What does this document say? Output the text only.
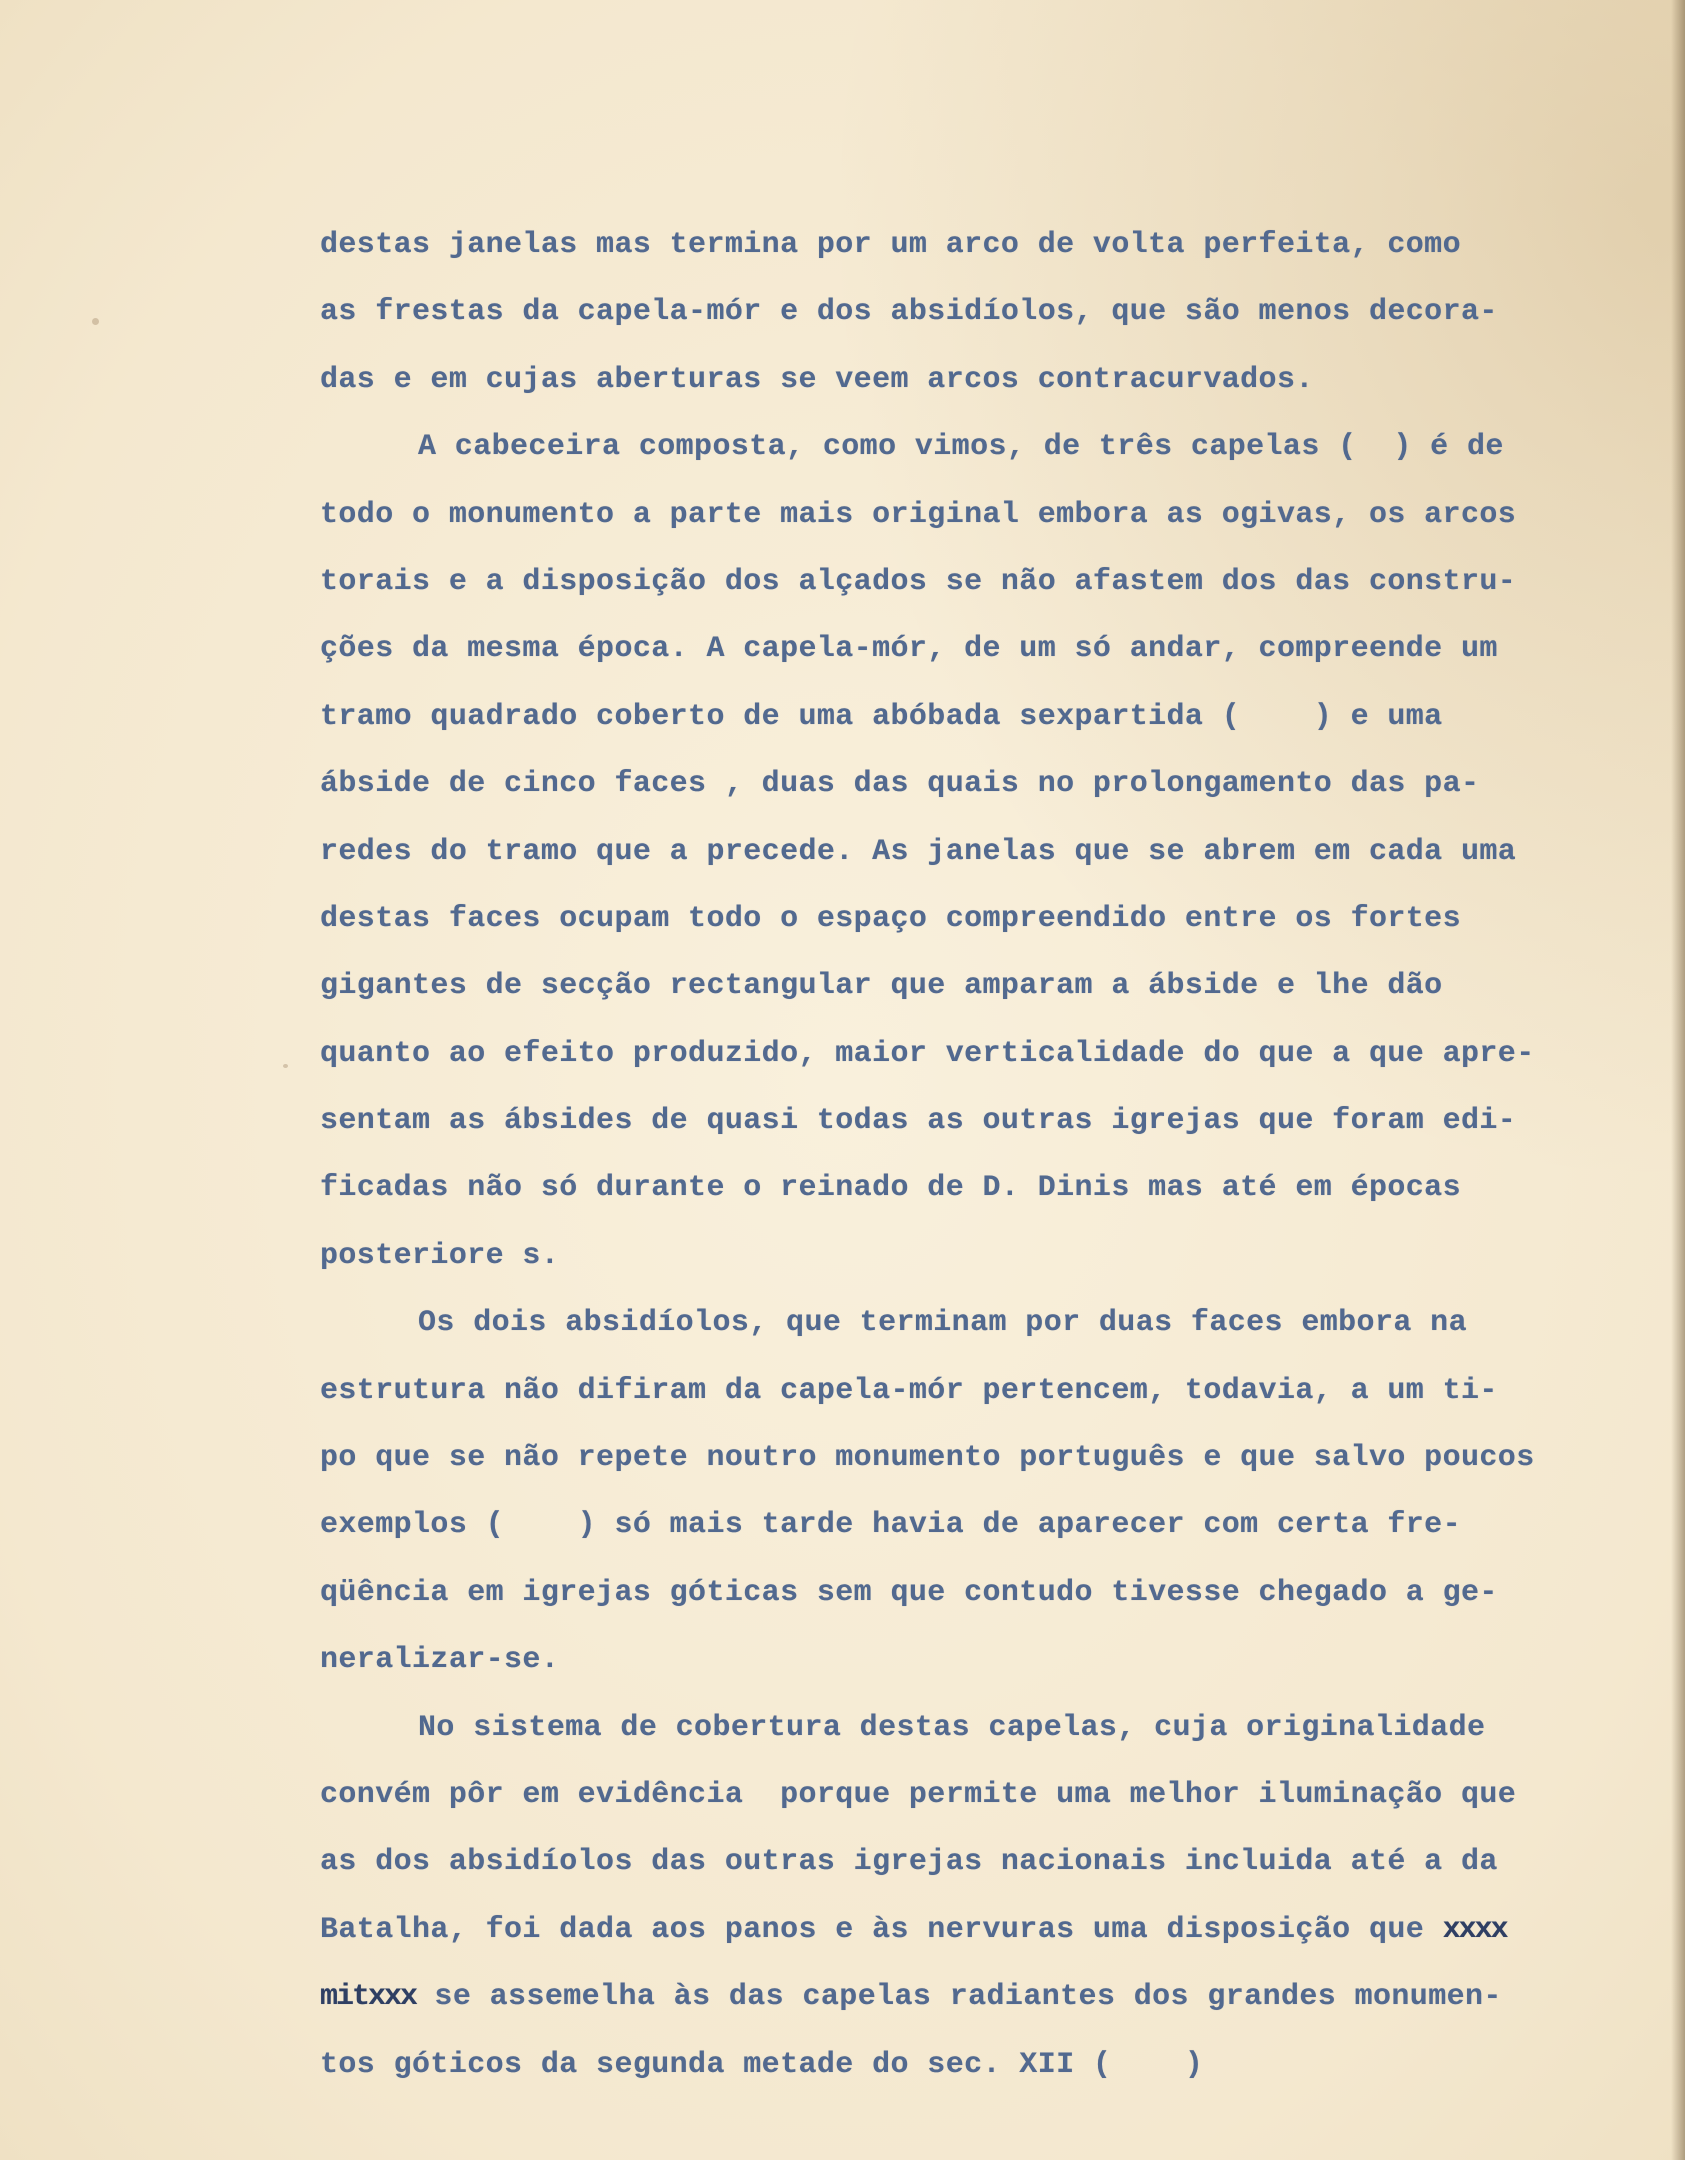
destas janelas mas termina por um arco de volta perfeita, como
as frestas da capela-mór e dos absidíolos, que são menos decora-
das e em cujas aberturas se veem arcos contracurvados.
A cabeceira composta, como vimos, de três capelas (  ) é de
todo o monumento a parte mais original embora as ogivas, os arcos
torais e a disposição dos alçados se não afastem dos das constru-
ções da mesma época. A capela-mór, de um só andar, compreende um
tramo quadrado coberto de uma abóbada sexpartida (    ) e uma
ábside de cinco faces , duas das quais no prolongamento das pa-
redes do tramo que a precede. As janelas que se abrem em cada uma
destas faces ocupam todo o espaço compreendido entre os fortes
gigantes de secção rectangular que amparam a ábside e lhe dão
quanto ao efeito produzido, maior verticalidade do que a que apre-
sentam as ábsides de quasi todas as outras igrejas que foram edi-
ficadas não só durante o reinado de D. Dinis mas até em épocas
posteriore s.
Os dois absidíolos, que terminam por duas faces embora na
estrutura não difiram da capela-mór pertencem, todavia, a um ti-
po que se não repete noutro monumento português e que salvo poucos
exemplos (    ) só mais tarde havia de aparecer com certa fre-
qüência em igrejas góticas sem que contudo tivesse chegado a ge-
neralizar-se.
No sistema de cobertura destas capelas, cuja originalidade
convém pôr em evidência  porque permite uma melhor iluminação que
as dos absidíolos das outras igrejas nacionais incluida até a da
Batalha, foi dada aos panos e às nervuras uma disposição que xxxx
mitxxx se assemelha às das capelas radiantes dos grandes monumen-
tos góticos da segunda metade do sec. XII (    )
